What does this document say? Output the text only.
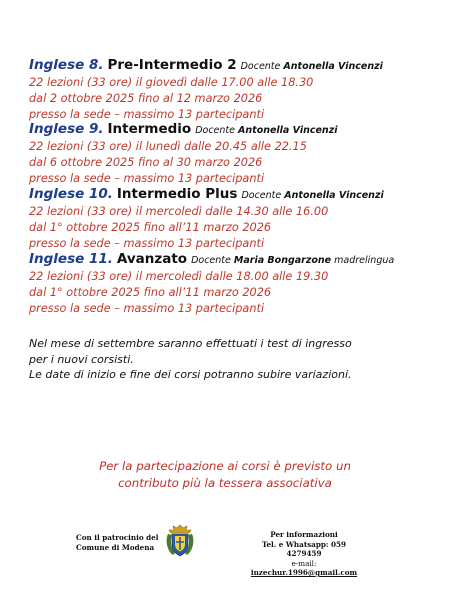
Inglese 8. Pre-Intermedio 2 Docente Antonella Vincenzi
22 lezioni (33 ore) il giovedì dalle 17.00 alle 18.30
dal 2 ottobre 2025 fino al 12 marzo 2026
presso la sede – massimo 13 partecipanti
Inglese 9. Intermedio Docente Antonella Vincenzi
22 lezioni (33 ore) il lunedì dalle 20.45 alle 22.15
dal 6 ottobre 2025 fino al 30 marzo 2026
presso la sede – massimo 13 partecipanti
Inglese 10. Intermedio Plus Docente Antonella Vincenzi
22 lezioni (33 ore) il mercoledì dalle 14.30 alle 16.00
dal 1° ottobre 2025 fino all’11 marzo 2026
presso la sede – massimo 13 partecipanti
Inglese 11. Avanzato Docente Maria Bongarzone madrelingua
22 lezioni (33 ore) il mercoledì dalle 18.00 alle 19.30
dal 1° ottobre 2025 fino all’11 marzo 2026
presso la sede – massimo 13 partecipanti
Nel mese di settembre saranno effettuati i test di ingresso
per i nuovi corsisti.
Le date di inizio e fine dei corsi potranno subire variazioni.
Per la partecipazione ai corsi è previsto un
contributo più la tessera associativa
Con il patrocinio del
Comune di Modena
Per informazioni
Tel. e Whatsapp: 059 4279459
e-mail: inzechur.1996@gmail.com
